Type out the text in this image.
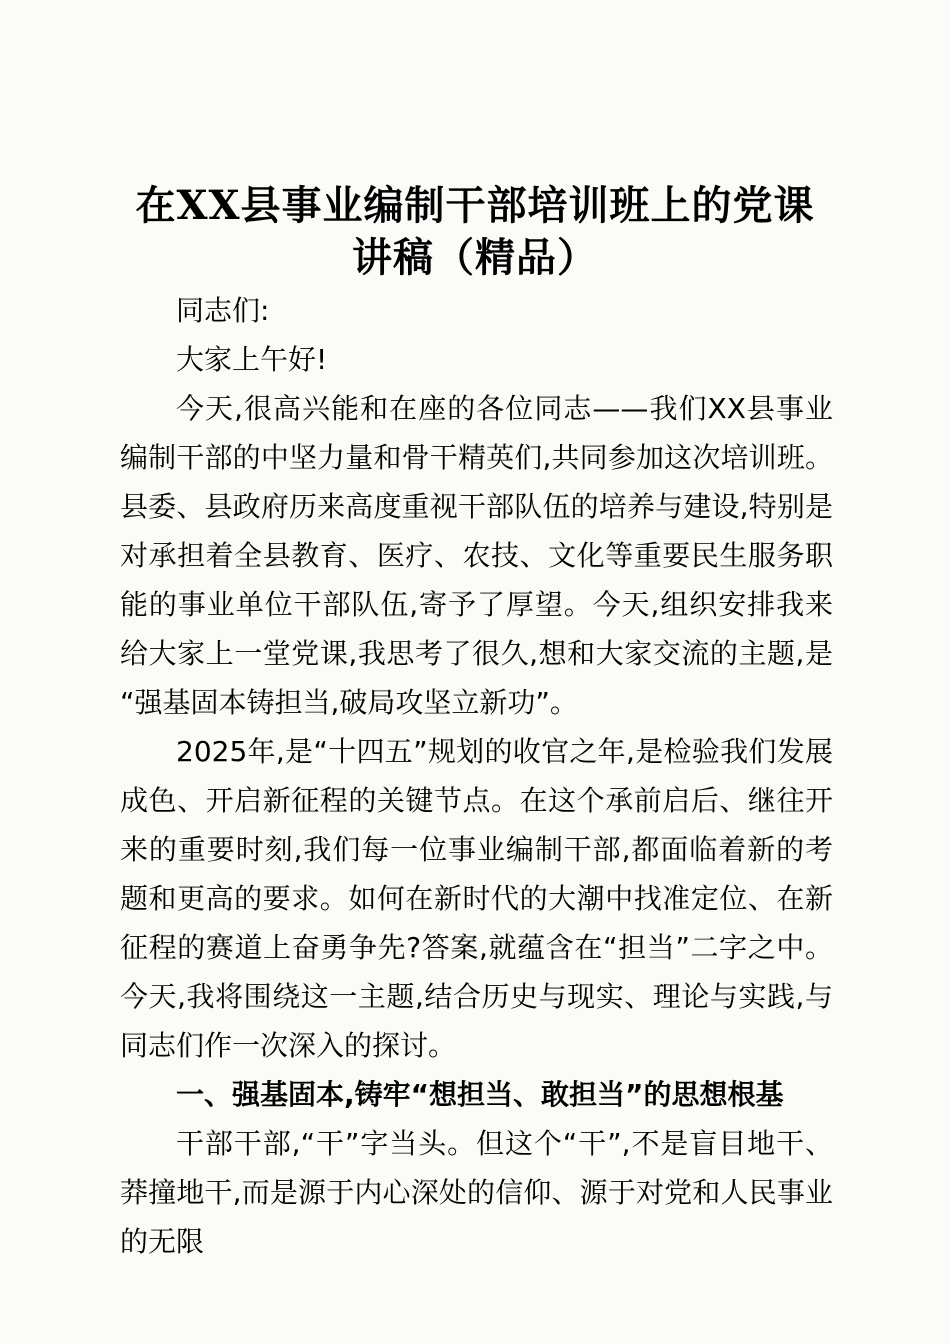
在XX县事业编制干部培训班上的党课
讲稿（精品）

同志们:

大家上午好!

今天,很高兴能和在座的各位同志——我们XX县事业编制干部的中坚力量和骨干精英们,共同参加这次培训班。县委、县政府历来高度重视干部队伍的培养与建设,特别是对承担着全县教育、医疗、农技、文化等重要民生服务职能的事业单位干部队伍,寄予了厚望。今天,组织安排我来给大家上一堂党课,我思考了很久,想和大家交流的主题,是“强基固本铸担当,破局攻坚立新功”。

2025年,是“十四五”规划的收官之年,是检验我们发展成色、开启新征程的关键节点。在这个承前启后、继往开来的重要时刻,我们每一位事业编制干部,都面临着新的考题和更高的要求。如何在新时代的大潮中找准定位、在新征程的赛道上奋勇争先?答案,就蕴含在“担当”二字之中。今天,我将围绕这一主题,结合历史与现实、理论与实践,与同志们作一次深入的探讨。

一、强基固本,铸牢“想担当、敢担当”的思想根基

干部干部,“干”字当头。但这个“干”,不是盲目地干、莽撞地干,而是源于内心深处的信仰、源于对党和人民事业的无限
